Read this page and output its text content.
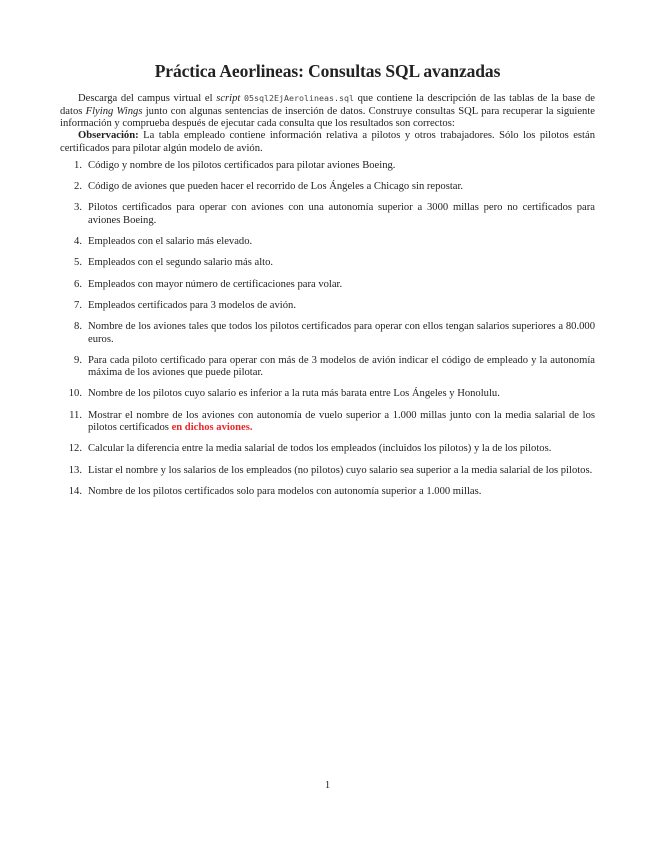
Práctica Aeorlineas: Consultas SQL avanzadas

Descarga del campus virtual el script 05sql2EjAerolineas.sql que contiene la descripción de las tablas de la base de datos Flying Wings junto con algunas sentencias de inserción de datos. Construye consultas SQL para recuperar la siguiente información y comprueba después de ejecutar cada consulta que los resultados son correctos:

Observación: La tabla empleado contiene información relativa a pilotos y otros trabajadores. Sólo los pilotos están certificados para pilotar algún modelo de avión.

1. Código y nombre de los pilotos certificados para pilotar aviones Boeing.
2. Código de aviones que pueden hacer el recorrido de Los Ángeles a Chicago sin repostar.
3. Pilotos certificados para operar con aviones con una autonomía superior a 3000 millas pero no certificados para aviones Boeing.
4. Empleados con el salario más elevado.
5. Empleados con el segundo salario más alto.
6. Empleados con mayor número de certificaciones para volar.
7. Empleados certificados para 3 modelos de avión.
8. Nombre de los aviones tales que todos los pilotos certificados para operar con ellos tengan salarios superiores a 80.000 euros.
9. Para cada piloto certificado para operar con más de 3 modelos de avión indicar el código de empleado y la autonomía máxima de los aviones que puede pilotar.
10. Nombre de los pilotos cuyo salario es inferior a la ruta más barata entre Los Ángeles y Honolulu.
11. Mostrar el nombre de los aviones con autonomía de vuelo superior a 1.000 millas junto con la media salarial de los pilotos certificados en dichos aviones.
12. Calcular la diferencia entre la media salarial de todos los empleados (incluidos los pilotos) y la de los pilotos.
13. Listar el nombre y los salarios de los empleados (no pilotos) cuyo salario sea superior a la media salarial de los pilotos.
14. Nombre de los pilotos certificados solo para modelos con autonomía superior a 1.000 millas.
1
